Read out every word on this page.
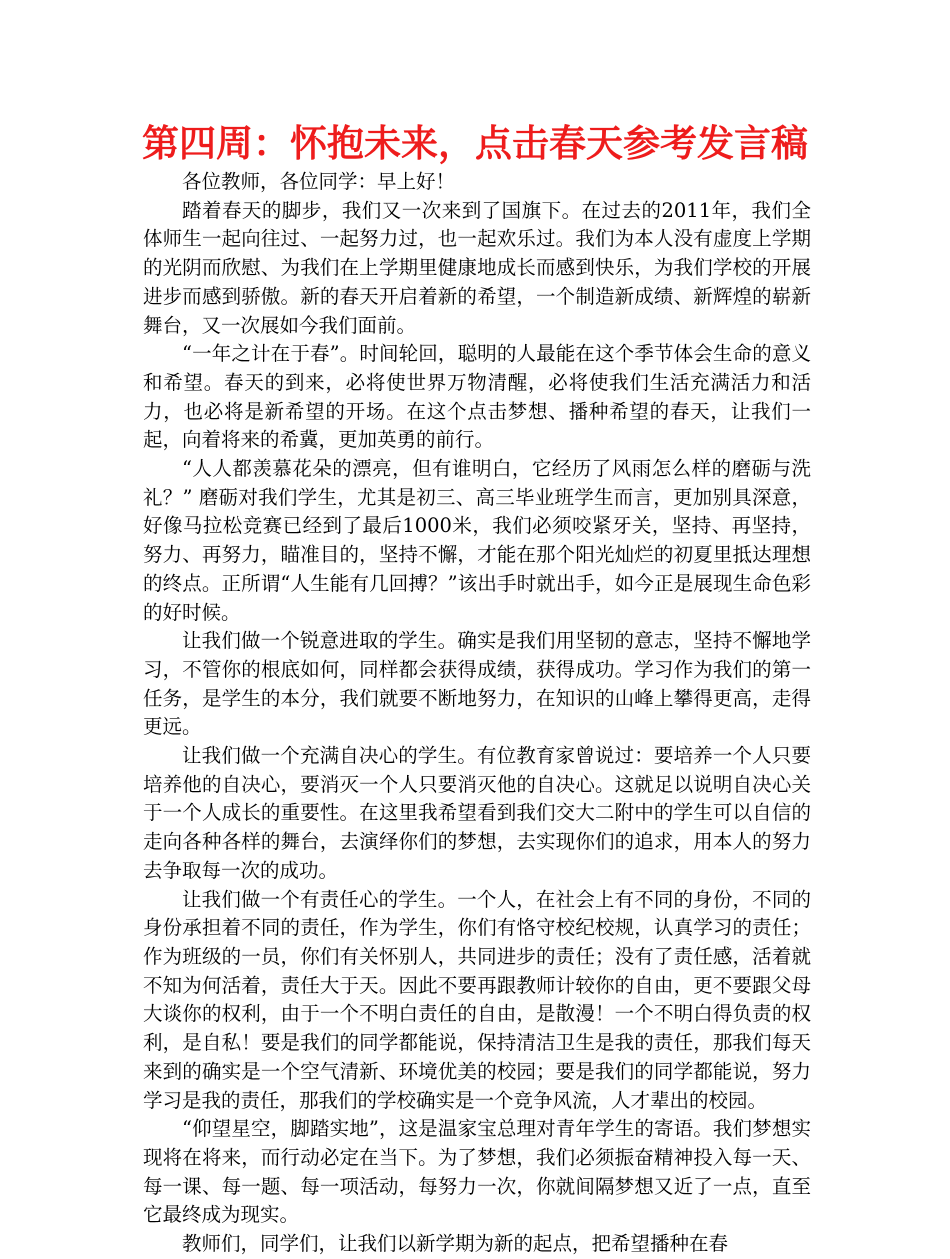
第四周：怀抱未来，点击春天参考发言稿

各位教师，各位同学：早上好！

踏着春天的脚步，我们又一次来到了国旗下。在过去的2011年，我们全体师生一起向往过、一起努力过，也一起欢乐过。我们为本人没有虚度上学期的光阴而欣慰、为我们在上学期里健康地成长而感到快乐，为我们学校的开展进步而感到骄傲。新的春天开启着新的希望，一个制造新成绩、新辉煌的崭新舞台，又一次展如今我们面前。

“一年之计在于春”。时间轮回，聪明的人最能在这个季节体会生命的意义和希望。春天的到来，必将使世界万物清醒，必将使我们生活充满活力和活力，也必将是新希望的开场。在这个点击梦想、播种希望的春天，让我们一起，向着将来的希冀，更加英勇的前行。

“人人都羡慕花朵的漂亮，但有谁明白，它经历了风雨怎么样的磨砺与洗礼？” 磨砺对我们学生，尤其是初三、高三毕业班学生而言，更加别具深意，好像马拉松竞赛已经到了最后1000米，我们必须咬紧牙关，坚持、再坚持，努力、再努力，瞄准目的，坚持不懈，才能在那个阳光灿烂的初夏里抵达理想的终点。正所谓“人生能有几回搏？”该出手时就出手，如今正是展现生命色彩的好时候。

让我们做一个锐意进取的学生。确实是我们用坚韧的意志，坚持不懈地学习，不管你的根底如何，同样都会获得成绩，获得成功。学习作为我们的第一任务，是学生的本分，我们就要不断地努力，在知识的山峰上攀得更高，走得更远。

让我们做一个充满自决心的学生。有位教育家曾说过：要培养一个人只要培养他的自决心，要消灭一个人只要消灭他的自决心。这就足以说明自决心关于一个人成长的重要性。在这里我希望看到我们交大二附中的学生可以自信的走向各种各样的舞台，去演绎你们的梦想，去实现你们的追求，用本人的努力去争取每一次的成功。

让我们做一个有责任心的学生。一个人，在社会上有不同的身份，不同的身份承担着不同的责任，作为学生，你们有恪守校纪校规，认真学习的责任；作为班级的一员，你们有关怀别人，共同进步的责任；没有了责任感，活着就不知为何活着，责任大于天。因此不要再跟教师计较你的自由，更不要跟父母大谈你的权利，由于一个不明白责任的自由，是散漫！一个不明白得负责的权利，是自私！要是我们的同学都能说，保持清洁卫生是我的责任，那我们每天来到的确实是一个空气清新、环境优美的校园；要是我们的同学都能说，努力学习是我的责任，那我们的学校确实是一个竞争风流，人才辈出的校园。

“仰望星空，脚踏实地”，这是温家宝总理对青年学生的寄语。我们梦想实现将在将来，而行动必定在当下。为了梦想，我们必须振奋精神投入每一天、每一课、每一题、每一项活动，每努力一次，你就间隔梦想又近了一点，直至它最终成为现实。

教师们，同学们，让我们以新学期为新的起点，把希望播种在春
